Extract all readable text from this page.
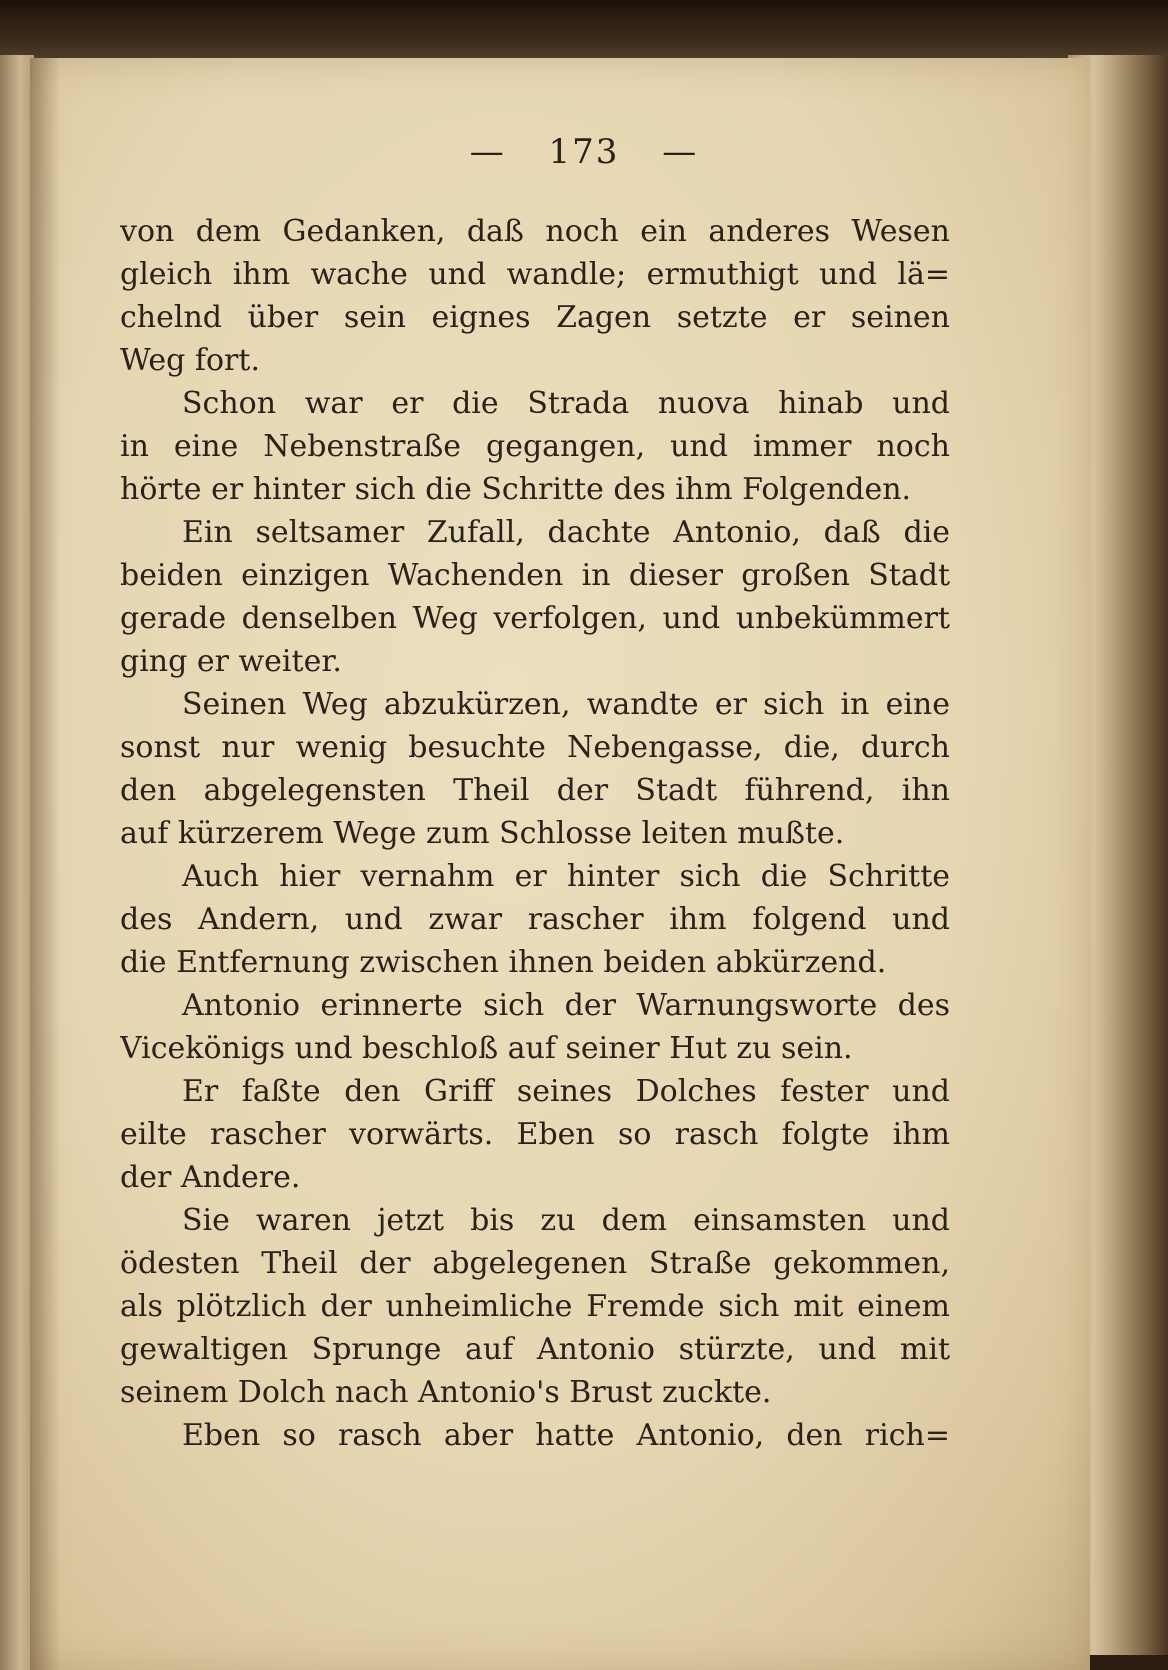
— 173 —
von dem Gedanken, daß noch ein anderes Wesen
gleich ihm wache und wandle; ermuthigt und lä=
chelnd über sein eignes Zagen setzte er seinen
Weg fort.
Schon war er die Strada nuova hinab und
in eine Nebenstraße gegangen, und immer noch
hörte er hinter sich die Schritte des ihm Folgenden.
Ein seltsamer Zufall, dachte Antonio, daß die
beiden einzigen Wachenden in dieser großen Stadt
gerade denselben Weg verfolgen, und unbekümmert
ging er weiter.
Seinen Weg abzukürzen, wandte er sich in eine
sonst nur wenig besuchte Nebengasse, die, durch
den abgelegensten Theil der Stadt führend, ihn
auf kürzerem Wege zum Schlosse leiten mußte.
Auch hier vernahm er hinter sich die Schritte
des Andern, und zwar rascher ihm folgend und
die Entfernung zwischen ihnen beiden abkürzend.
Antonio erinnerte sich der Warnungsworte des
Vicekönigs und beschloß auf seiner Hut zu sein.
Er faßte den Griff seines Dolches fester und
eilte rascher vorwärts. Eben so rasch folgte ihm
der Andere.
Sie waren jetzt bis zu dem einsamsten und
ödesten Theil der abgelegenen Straße gekommen,
als plötzlich der unheimliche Fremde sich mit einem
gewaltigen Sprunge auf Antonio stürzte, und mit
seinem Dolch nach Antonio's Brust zuckte.
Eben so rasch aber hatte Antonio, den rich=
